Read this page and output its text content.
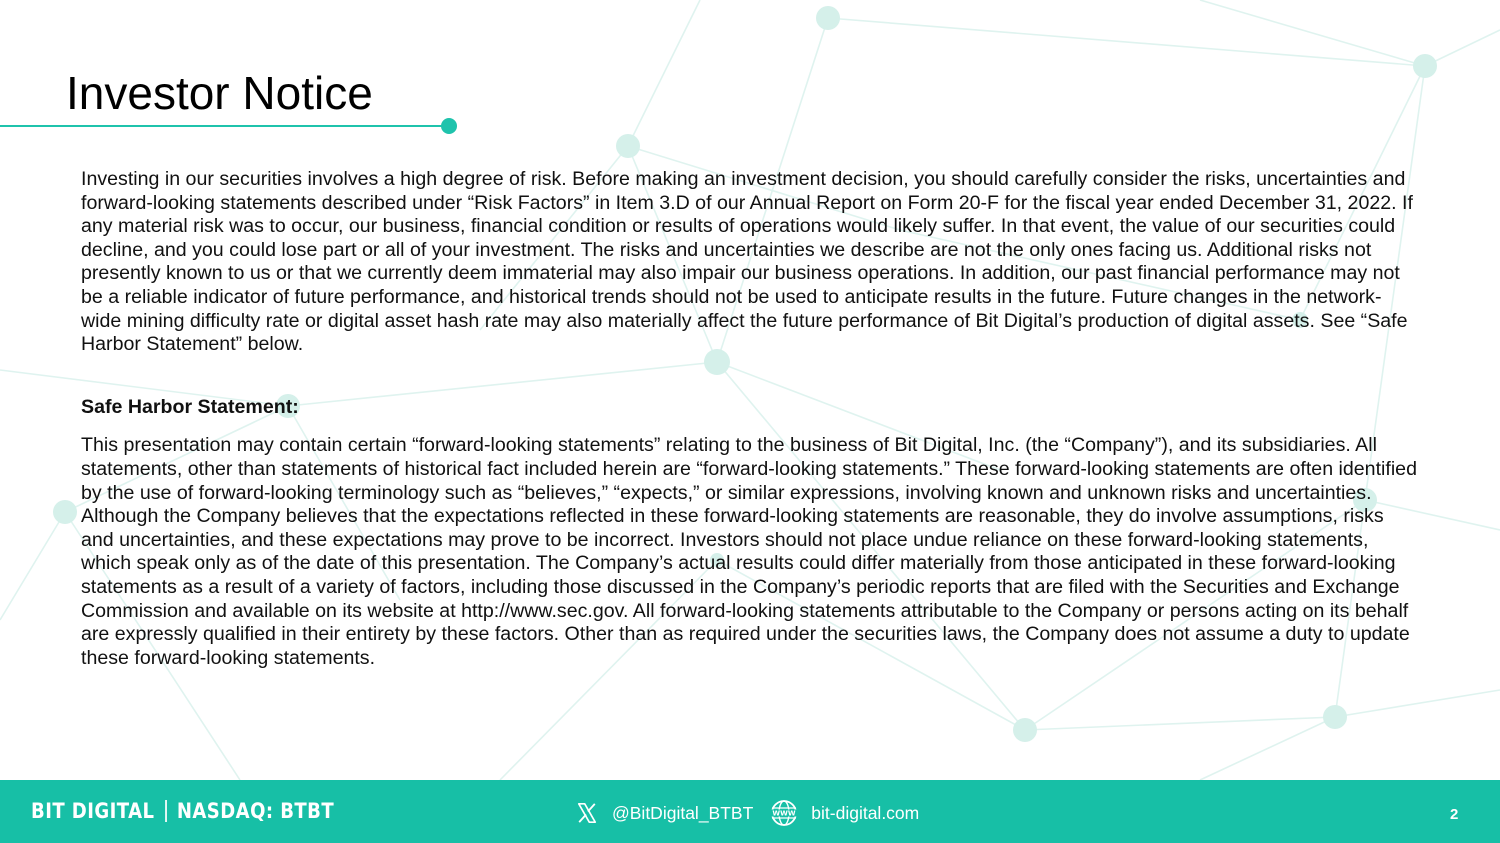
Investor Notice

Investing in our securities involves a high degree of risk. Before making an investment decision, you should carefully consider the risks, uncertainties and forward-looking statements described under “Risk Factors” in Item 3.D of our Annual Report on Form 20-F for the fiscal year ended December 31, 2022. If any material risk was to occur, our business, financial condition or results of operations would likely suffer. In that event, the value of our securities could decline, and you could lose part or all of your investment. The risks and uncertainties we describe are not the only ones facing us. Additional risks not presently known to us or that we currently deem immaterial may also impair our business operations. In addition, our past financial performance may not be a reliable indicator of future performance, and historical trends should not be used to anticipate results in the future. Future changes in the network-wide mining difficulty rate or digital asset hash rate may also materially affect the future performance of Bit Digital’s production of digital assets. See “Safe Harbor Statement” below.

Safe Harbor Statement:

This presentation may contain certain “forward-looking statements” relating to the business of Bit Digital, Inc. (the “Company”), and its subsidiaries. All statements, other than statements of historical fact included herein are “forward-looking statements.” These forward-looking statements are often identified by the use of forward-looking terminology such as “believes,” “expects,” or similar expressions, involving known and unknown risks and uncertainties. Although the Company believes that the expectations reflected in these forward-looking statements are reasonable, they do involve assumptions, risks and uncertainties, and these expectations may prove to be incorrect. Investors should not place undue reliance on these forward-looking statements, which speak only as of the date of this presentation. The Company’s actual results could differ materially from those anticipated in these forward-looking statements as a result of a variety of factors, including those discussed in the Company’s periodic reports that are filed with the Securities and Exchange Commission and available on its website at http://www.sec.gov. All forward-looking statements attributable to the Company or persons acting on its behalf are expressly qualified in their entirety by these factors. Other than as required under the securities laws, the Company does not assume a duty to update these forward-looking statements.

BIT DIGITAL NASDAQ: BTBT	@BitDigital_BTBT	WWW bit-digital.com	2
